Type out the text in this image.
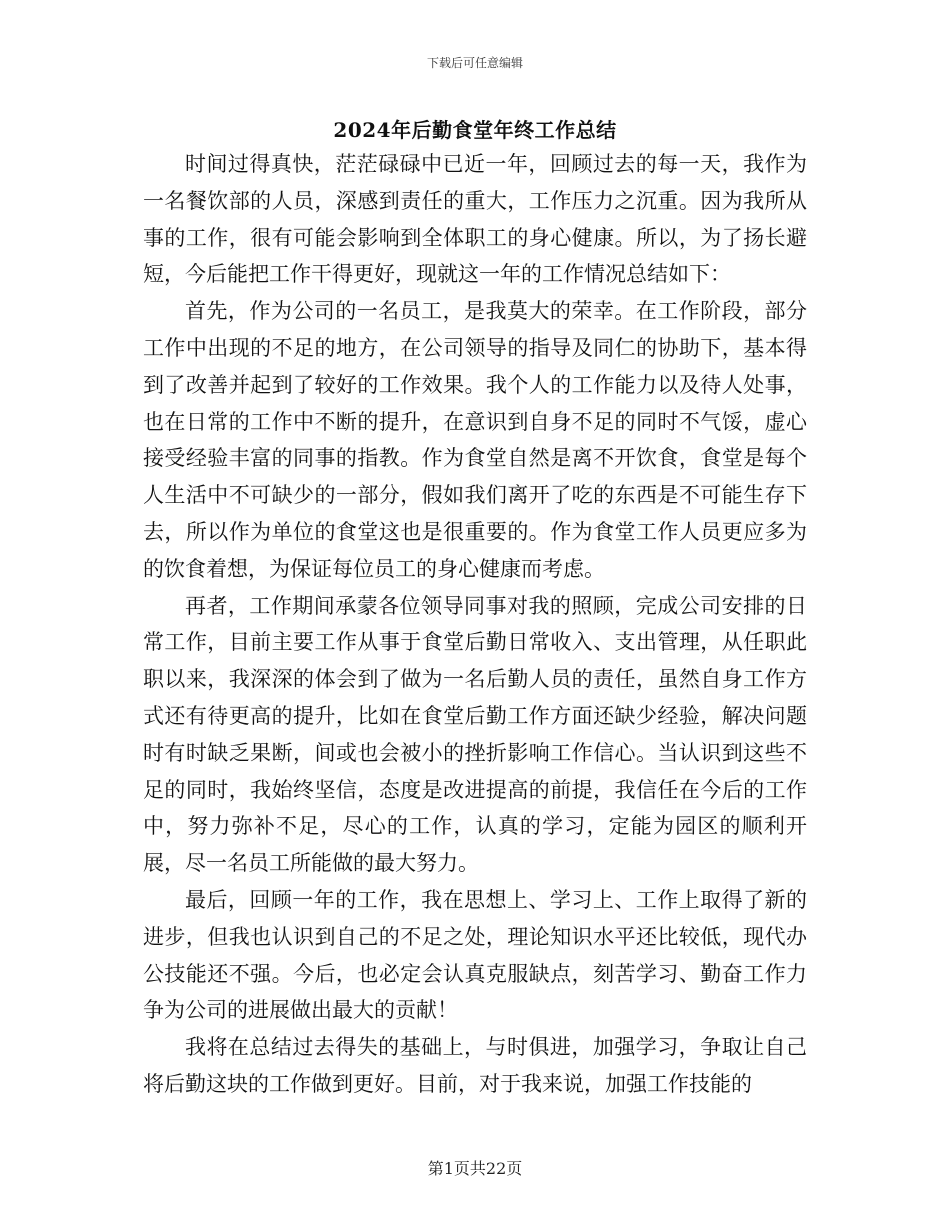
下载后可任意编辑
2024年后勤食堂年终工作总结

时间过得真快，茫茫碌碌中已近一年，回顾过去的每一天，我作为一名餐饮部的人员，深感到责任的重大，工作压力之沉重。因为我所从事的工作，很有可能会影响到全体职工的身心健康。所以，为了扬长避短，今后能把工作干得更好，现就这一年的工作情况总结如下：

首先，作为公司的一名员工，是我莫大的荣幸。在工作阶段，部分工作中出现的不足的地方，在公司领导的指导及同仁的协助下，基本得到了改善并起到了较好的工作效果。我个人的工作能力以及待人处事，也在日常的工作中不断的提升，在意识到自身不足的同时不气馁，虚心接受经验丰富的同事的指教。作为食堂自然是离不开饮食，食堂是每个人生活中不可缺少的一部分，假如我们离开了吃的东西是不可能生存下去，所以作为单位的食堂这也是很重要的。作为食堂工作人员更应多为的饮食着想，为保证每位员工的身心健康而考虑。

再者，工作期间承蒙各位领导同事对我的照顾，完成公司安排的日常工作，目前主要工作从事于食堂后勤日常收入、支出管理，从任职此职以来，我深深的体会到了做为一名后勤人员的责任，虽然自身工作方式还有待更高的提升，比如在食堂后勤工作方面还缺少经验，解决问题时有时缺乏果断，间或也会被小的挫折影响工作信心。当认识到这些不足的同时，我始终坚信，态度是改进提高的前提，我信任在今后的工作中，努力弥补不足，尽心的工作，认真的学习，定能为园区的顺利开展，尽一名员工所能做的最大努力。

最后，回顾一年的工作，我在思想上、学习上、工作上取得了新的进步，但我也认识到自己的不足之处，理论知识水平还比较低，现代办公技能还不强。今后，也必定会认真克服缺点，刻苦学习、勤奋工作力争为公司的进展做出最大的贡献！

我将在总结过去得失的基础上，与时俱进，加强学习，争取让自己将后勤这块的工作做到更好。目前，对于我来说，加强工作技能的

第1页共22页
